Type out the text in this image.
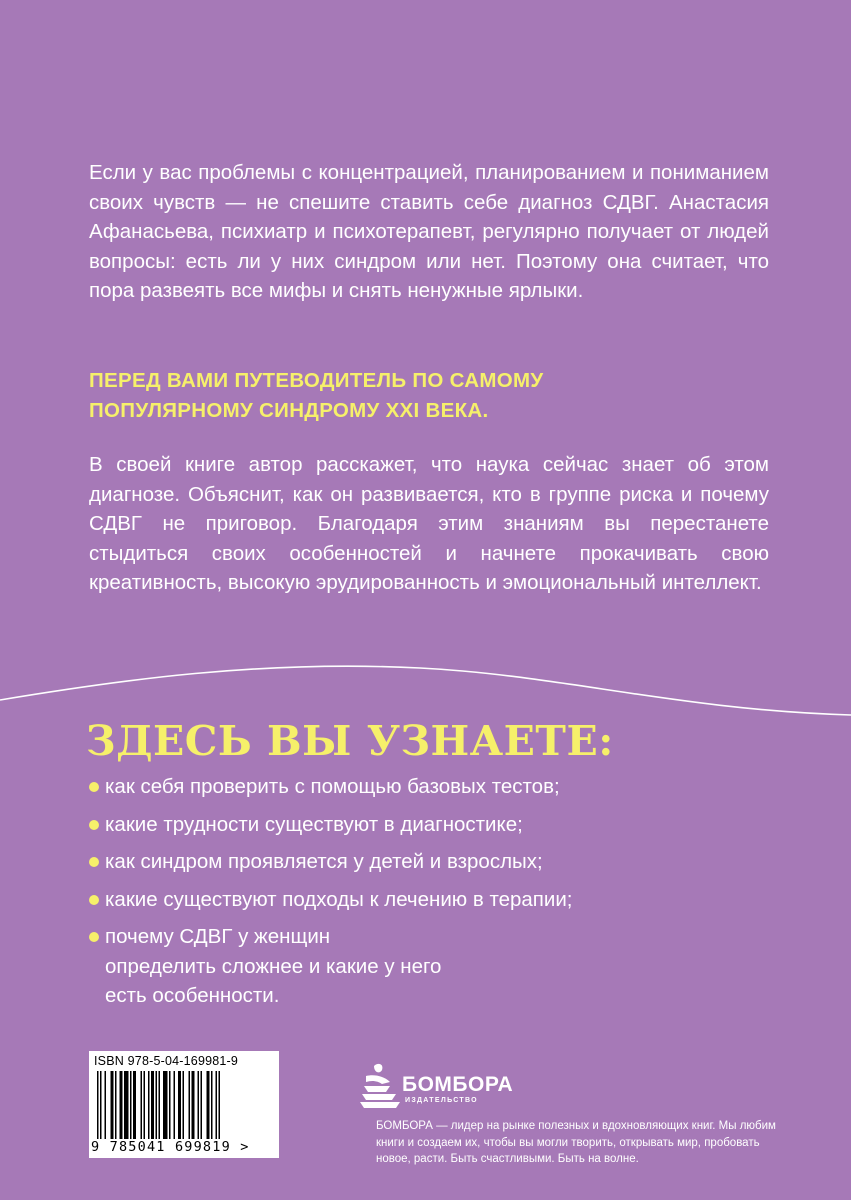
Если у вас проблемы с концентрацией, планированием и пониманием своих чувств — не спешите ставить себе диагноз СДВГ. Анастасия Афанасьева, психиатр и психотерапевт, регулярно получает от людей вопросы: есть ли у них синдром или нет. Поэтому она считает, что пора развеять все мифы и снять ненужные ярлыки.

ПЕРЕД ВАМИ ПУТЕВОДИТЕЛЬ ПО САМОМУ
ПОПУЛЯРНОМУ СИНДРОМУ XXI ВЕКА.

В своей книге автор расскажет, что наука сейчас знает об этом диагнозе. Объяснит, как он развивается, кто в группе риска и почему СДВГ не приговор. Благодаря этим знаниям вы перестанете стыдиться своих особенностей и начнете прокачивать свою креативность, высокую эрудированность и эмоциональный интеллект.

ЗДЕСЬ ВЫ УЗНАЕТЕ:
как себя проверить с помощью базовых тестов;
какие трудности существуют в диагностике;
как синдром проявляется у детей и взрослых;
какие существуют подходы к лечению в терапии;
почему СДВГ у женщин определить сложнее и какие у него есть особенности.
ISBN 978-5-04-169981-9
9 785041 699819 >
БОМБОРА
ИЗДАТЕЛЬСТВО

БОМБОРА — лидер на рынке полезных и вдохновляющих книг. Мы любим книги и создаем их, чтобы вы могли творить, открывать мир, пробовать новое, расти. Быть счастливыми. Быть на волне.
